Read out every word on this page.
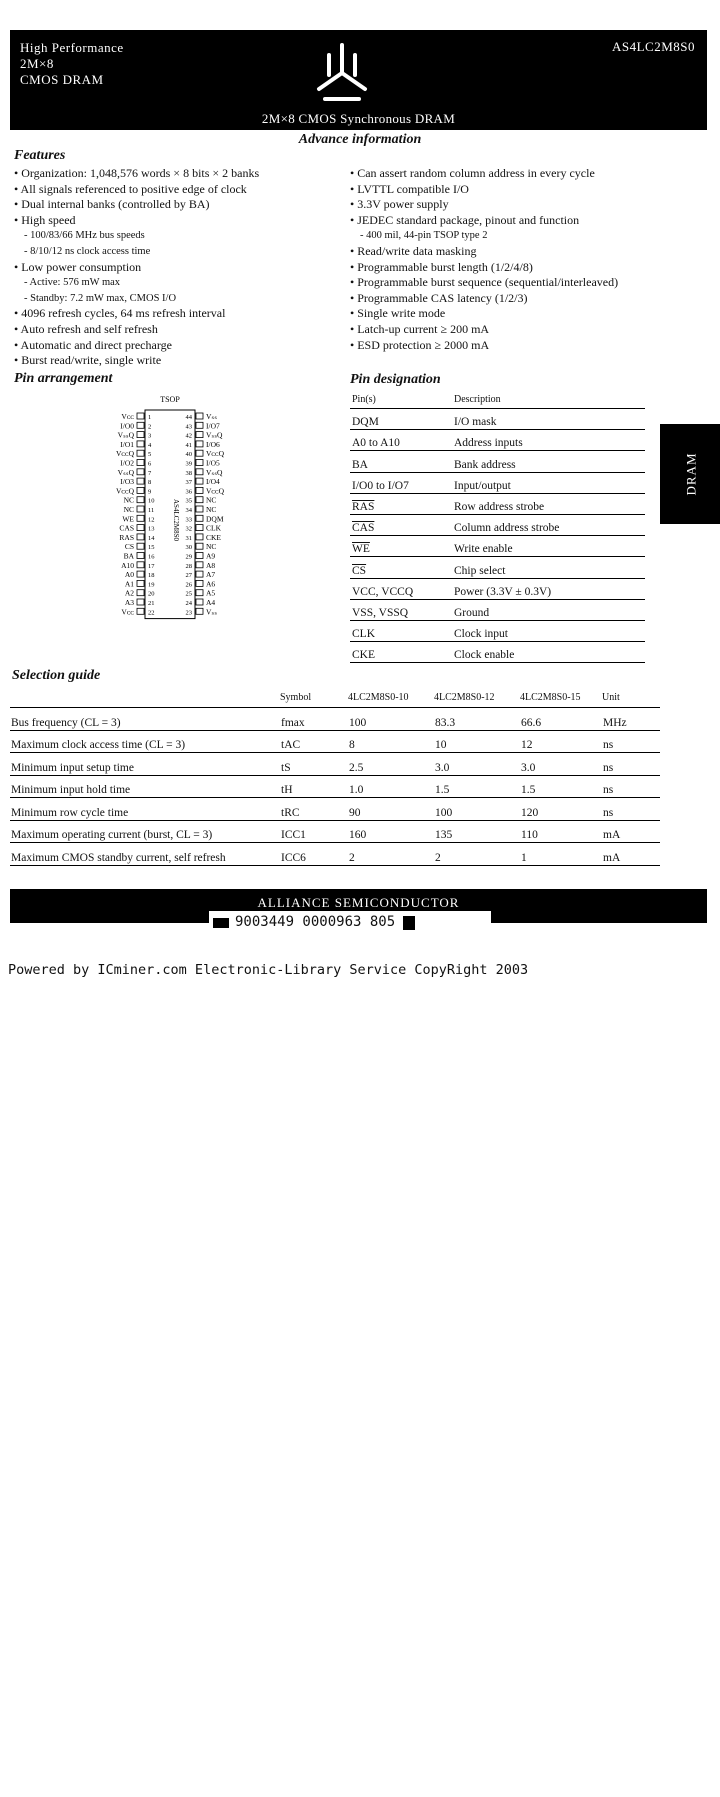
High Performance
2M×8
CMOS DRAM
AS4LC2M8S0
2M×8 CMOS Synchronous DRAM
Advance information
Features
• Organization: 1,048,576 words × 8 bits × 2 banks
• All signals referenced to positive edge of clock
• Dual internal banks (controlled by BA)
• High speed
- 100/83/66 MHz bus speeds
- 8/10/12 ns clock access time
• Low power consumption
- Active: 576 mW max
- Standby: 7.2 mW max, CMOS I/O
• 4096 refresh cycles, 64 ms refresh interval
• Auto refresh and self refresh
• Automatic and direct precharge
• Burst read/write, single write
• Can assert random column address in every cycle
• LVTTL compatible I/O
• 3.3V power supply
• JEDEC standard package, pinout and function
- 400 mil, 44-pin TSOP type 2
• Read/write data masking
• Programmable burst length (1/2/4/8)
• Programmable burst sequence (sequential/interleaved)
• Programmable CAS latency (1/2/3)
• Single write mode
• Latch-up current ≥ 200 mA
• ESD protection ≥ 2000 mA
Pin arrangement
TSOP
AS4LC2M8S0
Vᴄᴄ 1
I/O0 2
VₛₛQ 3
I/O1 4
VᴄᴄQ 5
I/O2 6
VₛₛQ 7
I/O3 8
VᴄᴄQ 9
NC 10
NC 11
WE 12
CAS 13
RAS 14
CS 15
BA 16
A10 17
A0 18
A1 19
A2 20
A3 21
Vᴄᴄ 22
Vₛₛ
44
I/O7
43
VₛₛQ
42
I/O6
41
VᴄᴄQ
40
I/O5
39
VₛₛQ
38
I/O4
37
VᴄᴄQ
36
NC
35
NC
34
DQM
33
CLK
32
CKE
31
NC
30
A9
29
A8
28
A7
27
A6
26
A5
25
A4
24
Vₛₛ
23
Pin designation
Pin(s)	Description
DQM	I/O mask
A0 to A10	Address inputs
BA	Bank address
I/O0 to I/O7	Input/output
$\overline{RAS}$	Row address strobe
$\overline{CAS}$	Column address strobe
$\overline{WE}$	Write enable
$\overline{CS}$	Chip select
VCC, VCCQ	Power (3.3V ± 0.3V)
VSS, VSSQ	Ground
CLK	Clock input
CKE	Clock enable
DRAM
Selection guide
	Symbol	4LC2M8S0-10	4LC2M8S0-12	4LC2M8S0-15	Unit
Bus frequency (CL = 3)	fmax	100	83.3	66.6	MHz
Maximum clock access time (CL = 3)	tAC	8	10	12	ns
Minimum input setup time	tS	2.5	3.0	3.0	ns
Minimum input hold time	tH	1.0	1.5	1.5	ns
Minimum row cycle time	tRC	90	100	120	ns
Maximum operating current (burst, CL = 3)	ICC1	160	135	110	mA
Maximum CMOS standby current, self refresh	ICC6	2	2	1	mA
ALLIANCE SEMICONDUCTOR
1
9003449 0000963 805
Powered by ICminer.com Electronic-Library Service CopyRight 2003
